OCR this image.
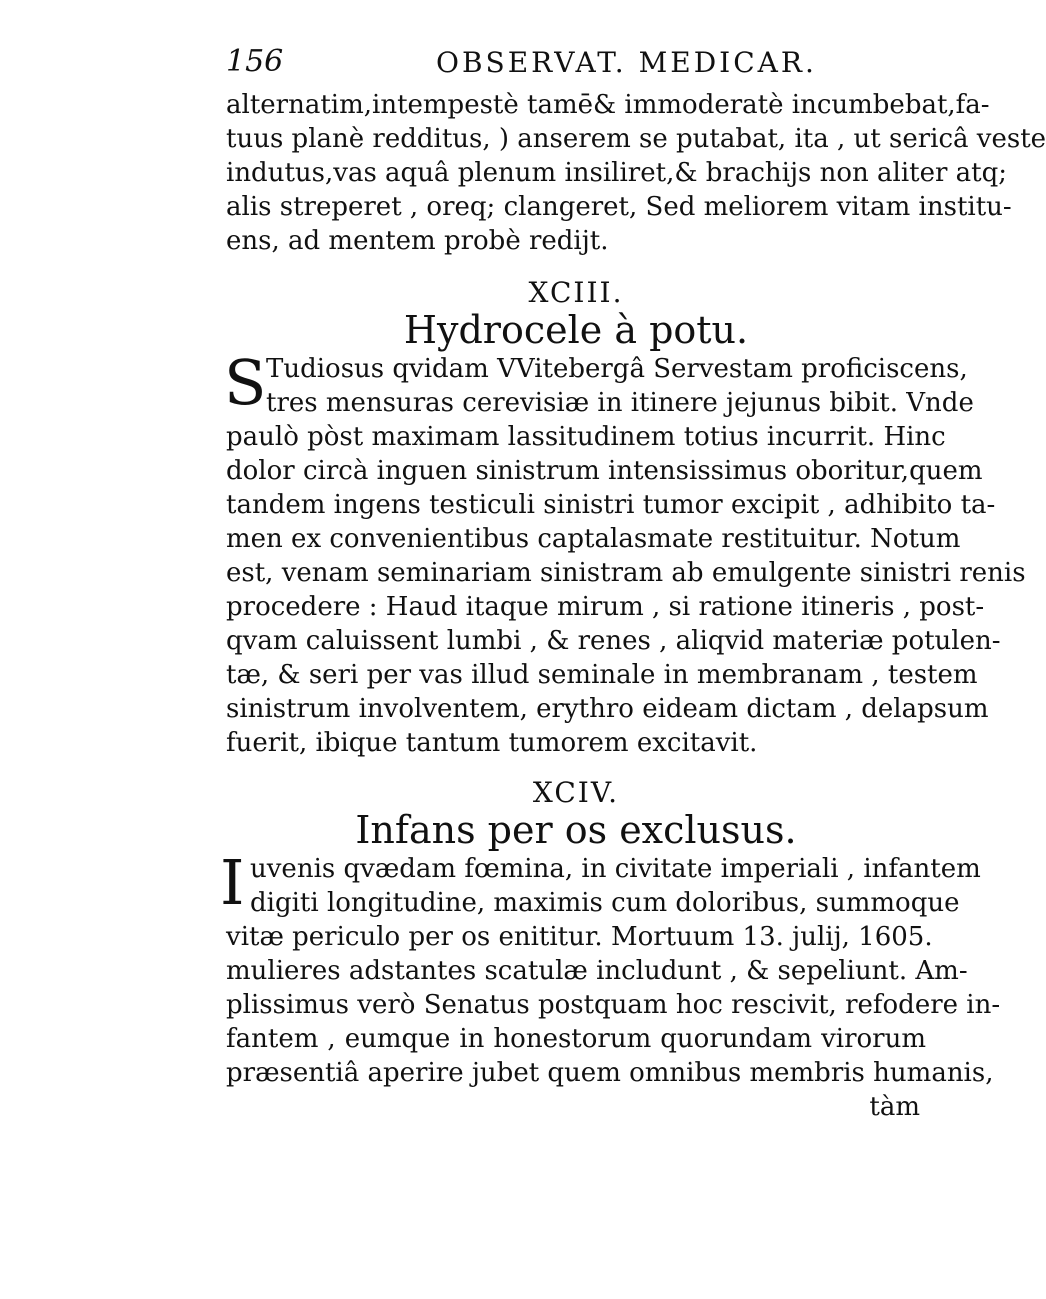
156	OBSERVAT. MEDICAR.
alternatim,intempestè tamē& immoderatè incumbebat,fa-
tuus planè redditus, ) anserem se putabat, ita , ut sericâ veste
indutus,vas aquâ plenum insiliret,& brachijs non aliter atq;
alis streperet , oreq; clangeret, Sed meliorem vitam institu-
ens, ad mentem probè redijt.
XCIII.
Hydrocele à potu.
S Tudiosus qvidam VVitebergâ Servestam proficiscens,
tres mensuras cerevisiæ in itinere jejunus bibit. Vnde
paulò pòst maximam lassitudinem totius incurrit. Hinc
dolor circà inguen sinistrum intensissimus oboritur,quem
tandem ingens testiculi sinistri tumor excipit , adhibito ta-
men ex convenientibus captalasmate restituitur. Notum
est, venam seminariam sinistram ab emulgente sinistri renis
procedere : Haud itaque mirum , si ratione itineris , post-
qvam caluissent lumbi , & renes , aliqvid materiæ potulen-
tæ, & seri per vas illud seminale in membranam , testem
sinistrum involventem, erythro eideam dictam , delapsum
fuerit, ibique tantum tumorem excitavit.
XCIV.
Infans per os exclusus.
I uvenis qvædam fœmina, in civitate imperiali , infantem
digiti longitudine, maximis cum doloribus, summoque
vitæ periculo per os enititur. Mortuum 13. julij, 1605.
mulieres adstantes scatulæ includunt , & sepeliunt. Am-
plissimus verò Senatus postquam hoc rescivit, refodere in-
fantem , eumque in honestorum quorundam virorum
præsentiâ aperire jubet quem omnibus membris humanis,
tàm
